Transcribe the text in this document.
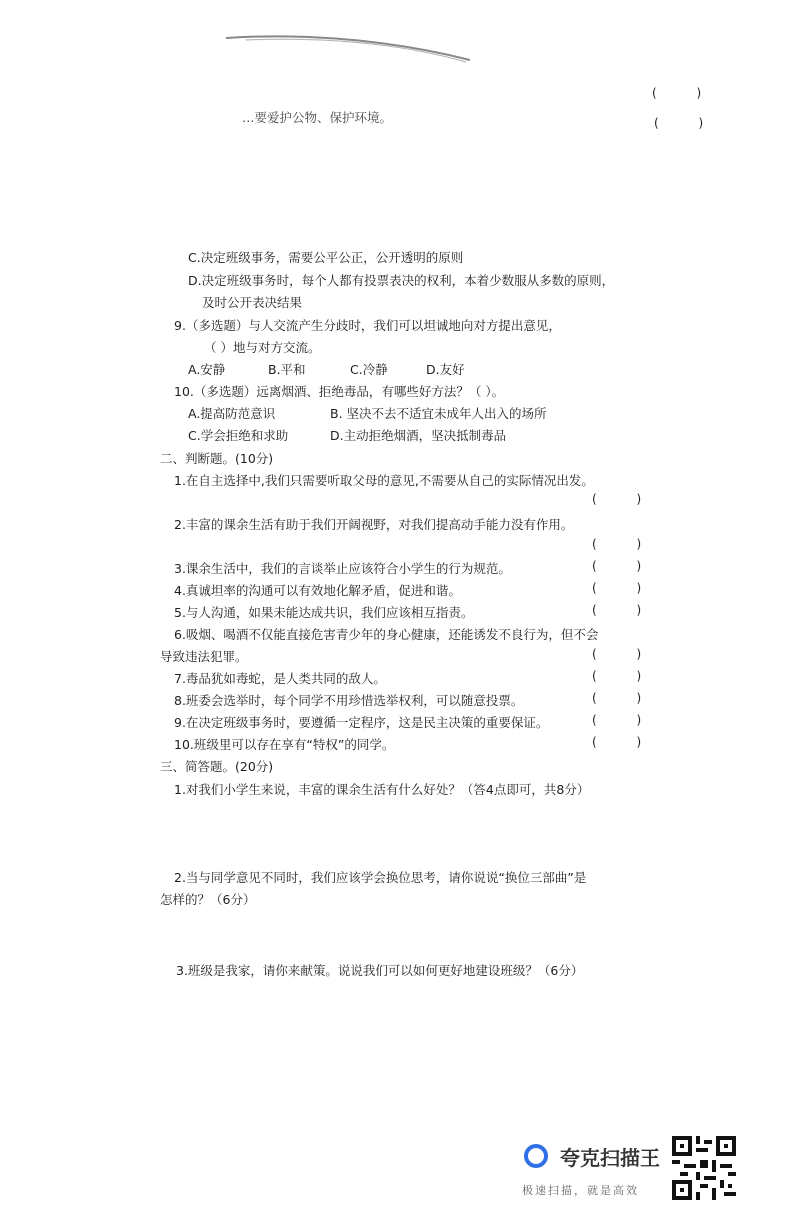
( )
…要爱护公物、保护环境。	( )
C.决定班级事务，需要公平公正，公开透明的原则
D.决定班级事务时，每个人都有投票表决的权利，本着少数服从多数的原则，
及时公开表决结果
9.（多选题）与人交流产生分歧时，我们可以坦诚地向对方提出意见，
（ ）地与对方交流。
A.安静	B.平和	C.冷静	D.友好
10.（多选题）远离烟酒、拒绝毒品，有哪些好方法？（ ）。
A.提高防范意识	B. 坚决不去不适宜未成年人出入的场所
C.学会拒绝和求助	D.主动拒绝烟酒，坚决抵制毒品
二、判断题。(10分)
1.在自主选择中,我们只需要听取父母的意见,不需要从自己的实际情况出发。
( )
2.丰富的课余生活有助于我们开阔视野，对我们提高动手能力没有作用。
( )
3.课余生活中，我们的言谈举止应该符合小学生的行为规范。	( )
4.真诚坦率的沟通可以有效地化解矛盾，促进和谐。	( )
5.与人沟通，如果未能达成共识，我们应该相互指责。	( )
6.吸烟、喝酒不仅能直接危害青少年的身心健康，还能诱发不良行为，但不会
导致违法犯罪。	( )
7.毒品犹如毒蛇，是人类共同的敌人。	( )
8.班委会选举时，每个同学不用珍惜选举权利，可以随意投票。	( )
9.在决定班级事务时，要遵循一定程序，这是民主决策的重要保证。	( )
10.班级里可以存在享有“特权”的同学。	( )
三、简答题。(20分)
1.对我们小学生来说，丰富的课余生活有什么好处？（答4点即可，共8分）
2.当与同学意见不同时，我们应该学会换位思考，请你说说“换位三部曲”是
怎样的？（6分）
3.班级是我家，请你来献策。说说我们可以如何更好地建设班级？（6分）
夸克扫描王
极速扫描，就是高效
